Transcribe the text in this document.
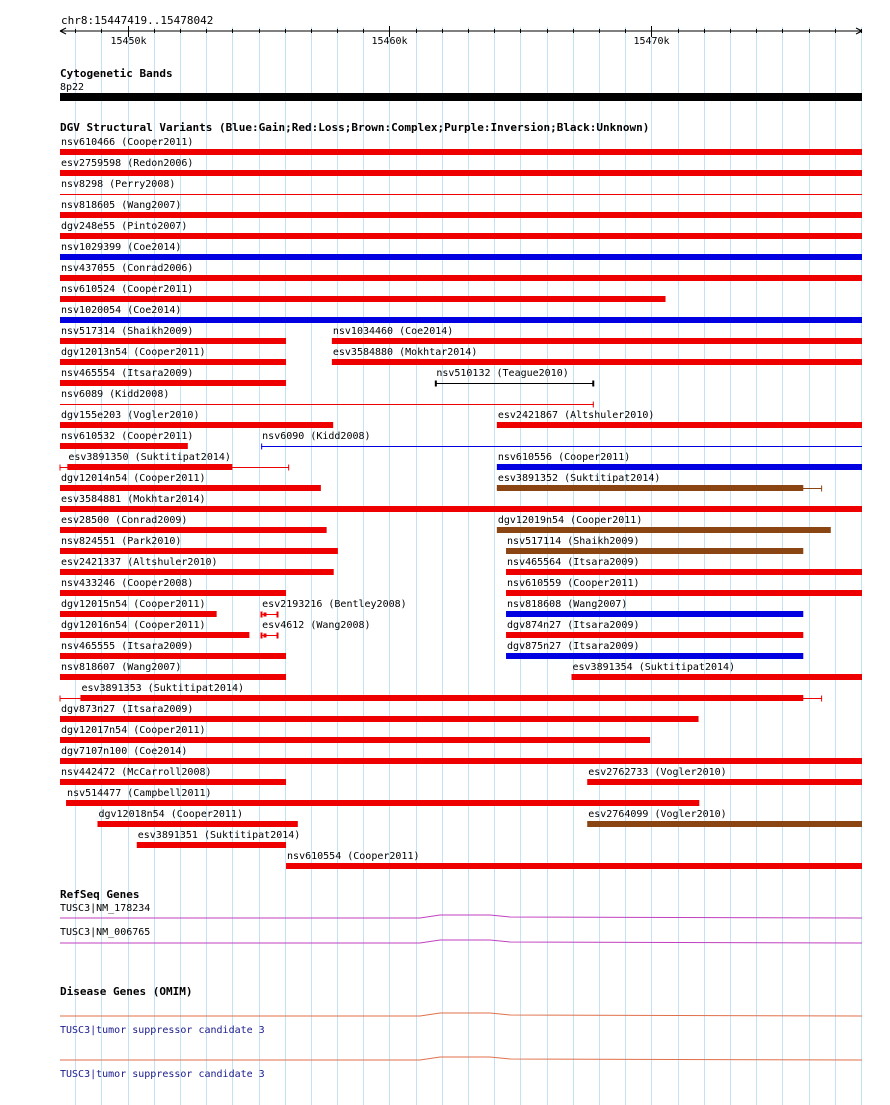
chr8:15447419..15478042
15450k	15460k	15470k
Cytogenetic Bands
8p22
DGV Structural Variants (Blue:Gain;Red:Loss;Brown:Complex;Purple:Inversion;Black:Unknown)
nsv610466 (Cooper2011)
esv2759598 (Redon2006)
nsv8298 (Perry2008)
nsv818605 (Wang2007)
dgv248e55 (Pinto2007)
nsv1029399 (Coe2014)
nsv437055 (Conrad2006)
nsv610524 (Cooper2011)
nsv1020054 (Coe2014)
nsv517314 (Shaikh2009)	nsv1034460 (Coe2014)
dgv12013n54 (Cooper2011)	esv3584880 (Mokhtar2014)
nsv465554 (Itsara2009)	nsv510132 (Teague2010)
nsv6089 (Kidd2008)
dgv155e203 (Vogler2010)	esv2421867 (Altshuler2010)
nsv610532 (Cooper2011)	nsv6090 (Kidd2008)
esv3891350 (Suktitipat2014)	nsv610556 (Cooper2011)
dgv12014n54 (Cooper2011)	esv3891352 (Suktitipat2014)
esv3584881 (Mokhtar2014)
esv28500 (Conrad2009)	dgv12019n54 (Cooper2011)
nsv824551 (Park2010)	nsv517114 (Shaikh2009)
esv2421337 (Altshuler2010)	nsv465564 (Itsara2009)
nsv433246 (Cooper2008)	nsv610559 (Cooper2011)
dgv12015n54 (Cooper2011)	esv2193216 (Bentley2008)	nsv818608 (Wang2007)
dgv12016n54 (Cooper2011)	esv4612 (Wang2008)	dgv874n27 (Itsara2009)
nsv465555 (Itsara2009)	dgv875n27 (Itsara2009)
nsv818607 (Wang2007)	esv3891354 (Suktitipat2014)
esv3891353 (Suktitipat2014)
dgv873n27 (Itsara2009)
dgv12017n54 (Cooper2011)
dgv7107n100 (Coe2014)
nsv442472 (McCarroll2008)	esv2762733 (Vogler2010)
nsv514477 (Campbell2011)
dgv12018n54 (Cooper2011)	esv2764099 (Vogler2010)
esv3891351 (Suktitipat2014)
nsv610554 (Cooper2011)
RefSeq Genes
TUSC3|NM_178234
TUSC3|NM_006765
Disease Genes (OMIM)
TUSC3|tumor suppressor candidate 3
TUSC3|tumor suppressor candidate 3
